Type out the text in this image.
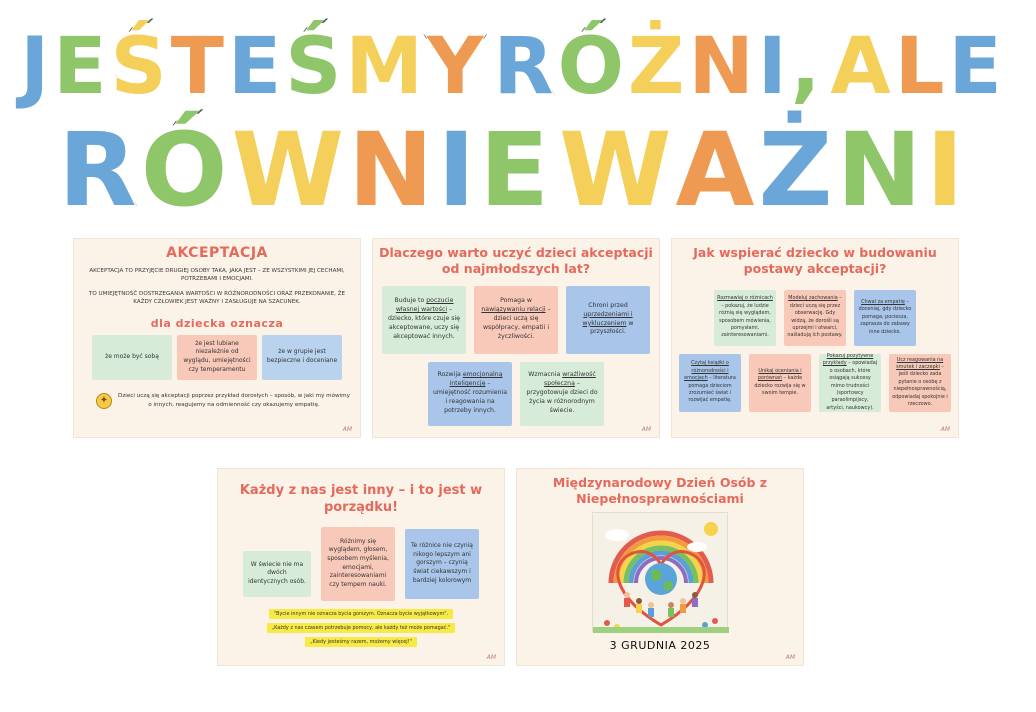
J E Ś T E Ś M Y R Ó Ż N I , A L E
R Ó W N I E W A Ż N I
AKCEPTACJA
AKCEPTACJA TO PRZYJĘCIE DRUGIEJ OSOBY TAKA, JAKA JEST – ZE WSZYSTKIMI JEJ CECHAMI, POTRZEBAMI I EMOCJAMI.
TO UMIEJĘTNOŚĆ DOSTRZEGANIA WARTOŚCI W RÓŻNORODNOŚCI ORAZ PRZEKONANIE, ŻE KAŻDY CZŁOWIEK JEST WAŻNY I ZASŁUGUJE NA SZACUNEK.
dla dziecka oznacza
że może być sobą
że jest lubiane niezależnie od wyglądu, umiejętności czy temperamentu
że w grupie jest bezpieczne i doceniane
✦	Dzieci uczą się akceptacji poprzez przykład dorosłych – sposób, w jaki my mówimy o innych, reagujemy na odmienność czy okazujemy empatię.
AM
Dlaczego warto uczyć dzieci akceptacji od najmłodszych lat?
Buduje to poczucie własnej wartości – dziecko, które czuje się akceptowane, uczy się akceptować innych.
Pomaga w nawiązywaniu relacji – dzieci uczą się współpracy, empatii i życzliwości.
Chroni przed uprzedzeniami i wykluczeniem w przyszłości.
Rozwija emocjonalną inteligencję – umiejętność rozumienia i reagowania na potrzeby innych.
Wzmacnia wrażliwość społeczną – przygotowuje dzieci do życia w różnorodnym świecie.
AM
Jak wspierać dziecko w budowaniu postawy akceptacji?
Rozmawiaj o różnicach – pokazuj, że ludzie różnią się wyglądem, sposobem mówienia, pomysłami, zainteresowaniami.
Modeluj zachowania – dzieci uczą się przez obserwację. Gdy widzą, że dorośli są uprzejmi i otwarci, naśladują ich postawy.
Chwal za empatię – doceniaj, gdy dziecko pomaga, pociesza, zaprasza do zabawy inne dziecko.
Czytaj książki o różnorodności i emocjach – literatura pomaga dzieciom zrozumieć świat i rozwijać empatię.
Unikaj oceniania i porównań – każde dziecko rozwija się w swoim tempie.
Pokazuj pozytywne przykłady – opowiadaj o osobach, które osiągają sukcesy mimo trudności (sportowcy paraolimpijscy, artyści, naukowcy).
Ucz reagowania na smutek i zaczepki – jeśli dziecko zada pytanie o osobę z niepełnosprawnością, odpowiadaj spokojnie i rzeczowo.
AM
Każdy z nas jest inny – i to jest w porządku!
W świecie nie ma dwóch identycznych osób.
Różnimy się wyglądem, głosem, sposobem myślenia, emocjami, zainteresowaniami czy tempem nauki.
Te różnice nie czynią nikogo lepszym ani gorszym – czynią świat ciekawszym i bardziej kolorowym
"Bycie innym nie oznacza bycia gorszym. Oznacza bycie wyjątkowym".
„Każdy z nas czasem potrzebuje pomocy, ale każdy też może pomagać."
„Kiedy jesteśmy razem, możemy więcej!"
AM
Międzynarodowy Dzień Osób z Niepełnosprawnościami
3 GRUDNIA 2025
AM
